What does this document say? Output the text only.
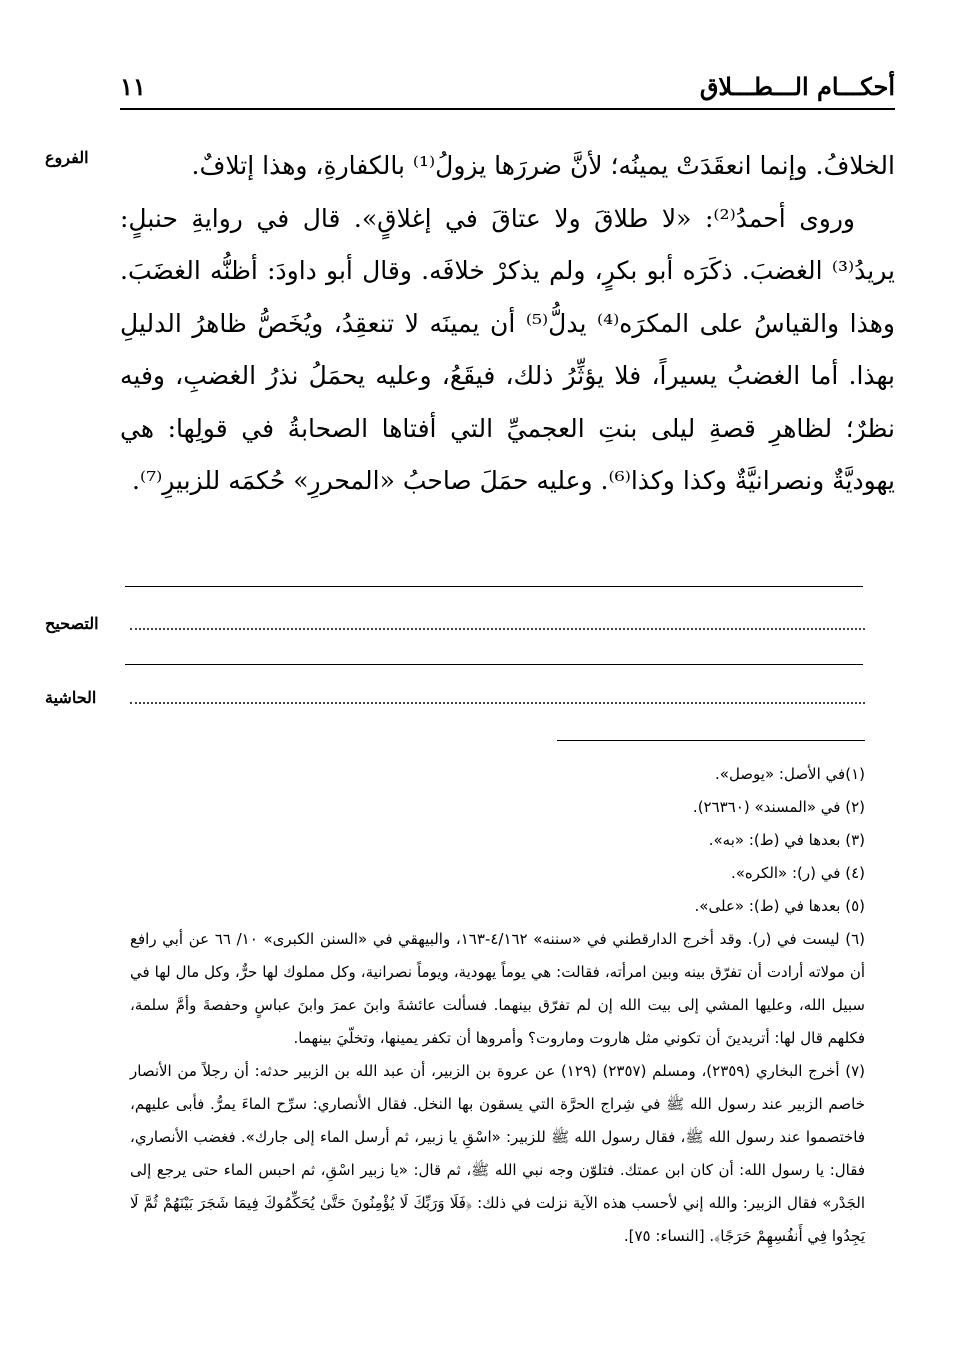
أحكـــام الـــطـــلاق
١١
الفروع	الخلافُ. وإنما انعقَدَتْ يمينُه؛ لأنَّ ضررَها يزولُ⁽¹⁾ بالكفارةِ، وهذا إتلافٌ.

وروى أحمدُ⁽²⁾: «لا طلاقَ ولا عتاقَ في إغلاقٍ». قال في روايةِ حنبلٍ: يريدُ⁽³⁾ الغضبَ. ذكَرَه أبو بكرٍ، ولم يذكرْ خلافَه. وقال أبو داودَ: أظنُّه الغضَبَ. وهذا والقياسُ على المكرَه⁽⁴⁾ يدلُّ⁽⁵⁾ أن يمينَه لا تنعقِدُ، ويُخَصُّ ظاهرُ الدليلِ بهذا. أما الغضبُ يسيراً، فلا يؤثِّرُ ذلك، فيقَعُ، وعليه يحمَلُ نذرُ الغضبِ، وفيه نظرٌ؛ لظاهرِ قصةِ ليلى بنتِ العجميِّ التي أفتاها الصحابةُ في قولِها: هي يهوديَّةٌ ونصرانيَّةٌ وكذا وكذا⁽⁶⁾. وعليه حمَلَ صاحبُ «المحررِ» حُكمَه للزبيرِ⁽⁷⁾.

التصحيح
الحاشية

(١)في الأصل: «يوصل».

(٢) في «المسند» (٢٦٣٦٠).

(٣) بعدها في (ط): «به».

(٤) في (ر): «الكره».

(٥) بعدها في (ط): «على».

(٦) ليست في (ر). وقد أخرج الدارقطني في «سننه» ٤/١٦٢-١٦٣، والبيهقي في «السنن الكبرى» ١٠/ ٦٦ عن أبي رافع أن مولاته أرادت أن تفرّق بينه وبين امرأته، فقالت: هي يوماً يهودية، ويوماً نصرانية، وكل مملوك لها حرٌّ، وكل مال لها في سبيل الله، وعليها المشي إلى بيت الله إن لم تفرّق بينهما. فسألت عائشةَ وابنَ عمرَ وابنَ عباسٍ وحفصةَ وأمَّ سلمة، فكلهم قال لها: أتريدينَ أن تكوني مثل هاروت وماروت؟ وأمروها أن تكفر يمينها، وتخلّيَ بينهما.

(٧) أخرج البخاري (٢٣٥٩)، ومسلم (٢٣٥٧) (١٢٩) عن عروة بن الزبير، أن عبد الله بن الزبير حدثه: أن رجلاً من الأنصار خاصم الزبير عند رسول الله ﷺ في شِراج الحرَّة التي يسقون بها النخل. فقال الأنصاري: سرِّح الماءَ يمرُّ. فأبى عليهم، فاختصموا عند رسول الله ﷺ، فقال رسول الله ﷺ للزبير: «اسْقِ يا زبير، ثم أرسل الماء إلى جارك». فغضب الأنصاري، فقال: يا رسول الله: أن كان ابن عمتك. فتلوّن وجه نبي الله ﷺ، ثم قال: «يا زبير اسْقِ، ثم احبس الماء حتى يرجع إلى الجَدْر» فقال الزبير: والله إني لأحسب هذه الآية نزلت في ذلك: ﴿فَلَا وَرَبِّكَ لَا يُؤْمِنُونَ حَتَّىٰ يُحَكِّمُوكَ فِيمَا شَجَرَ بَيْنَهُمْ ثُمَّ لَا يَجِدُوا فِي أَنفُسِهِمْ حَرَجًا﴾. [النساء: ٧٥].
